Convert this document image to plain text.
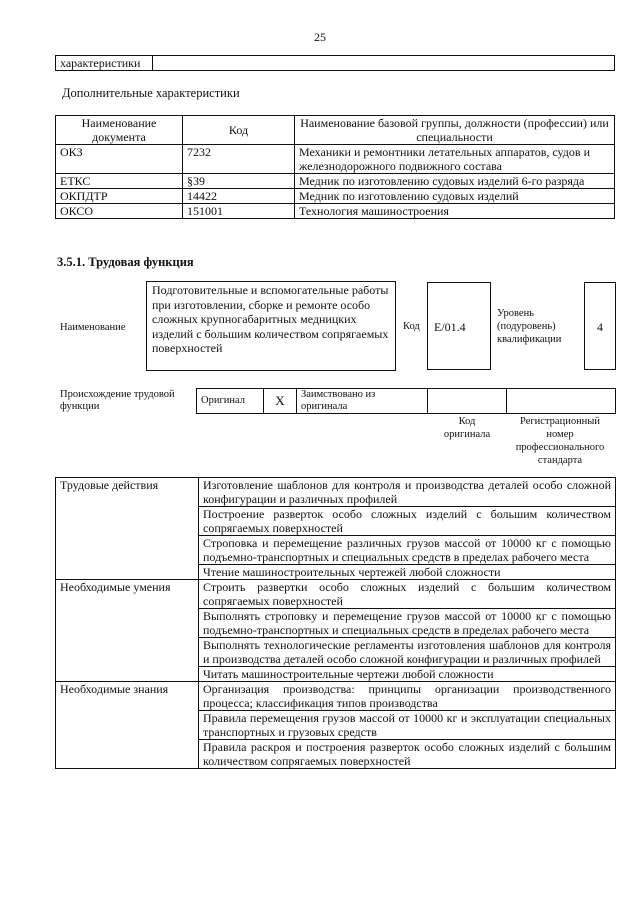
25
характеристики	
Дополнительные характеристики
Наименование документа	Код	Наименование базовой группы, должности (профессии) или специальности
ОКЗ	7232	Механики и ремонтники летательных аппаратов, судов и железнодорожного подвижного состава
ЕТКС	§39	Медник по изготовлению судовых изделий 6-го разряда
ОКПДТР	14422	Медник по изготовлению судовых изделий
ОКСО	151001	Технология машиностроения
3.5.1. Трудовая функция
Наименование
Подготовительные и вспомогательные работы при изготовлении, сборке и ремонте особо сложных крупногабаритных медницких изделий с большим количеством сопрягаемых поверхностей
Код	E/01.4
Уровень (подуровень) квалификации
4
Происхождение трудовой функции
Оригинал	X	Заимствовано из оригинала		
Код оригинала
Регистрационный номер профессионального стандарта
Трудовые действия	Изготовление шаблонов для контроля и производства деталей особо сложной конфигурации и различных профилей
	Построение разверток особо сложных изделий с большим количеством сопрягаемых поверхностей
	Строповка и перемещение различных грузов массой от 10000 кг с помощью подъемно-транспортных и специальных средств в пределах рабочего места
	Чтение машиностроительных чертежей любой сложности
Необходимые умения	Строить развертки особо сложных изделий с большим количеством сопрягаемых поверхностей
	Выполнять строповку и перемещение грузов массой от 10000 кг с помощью подъемно-транспортных и специальных средств в пределах рабочего места
	Выполнять технологические регламенты изготовления шаблонов для контроля и производства деталей особо сложной конфигурации и различных профилей
	Читать машиностроительные чертежи любой сложности
Необходимые знания	Организация производства: принципы организации производственного процесса; классификация типов производства
	Правила перемещения грузов массой от 10000 кг и эксплуатации специальных транспортных и грузовых средств
	Правила раскроя и построения разверток особо сложных изделий с большим количеством сопрягаемых поверхностей
